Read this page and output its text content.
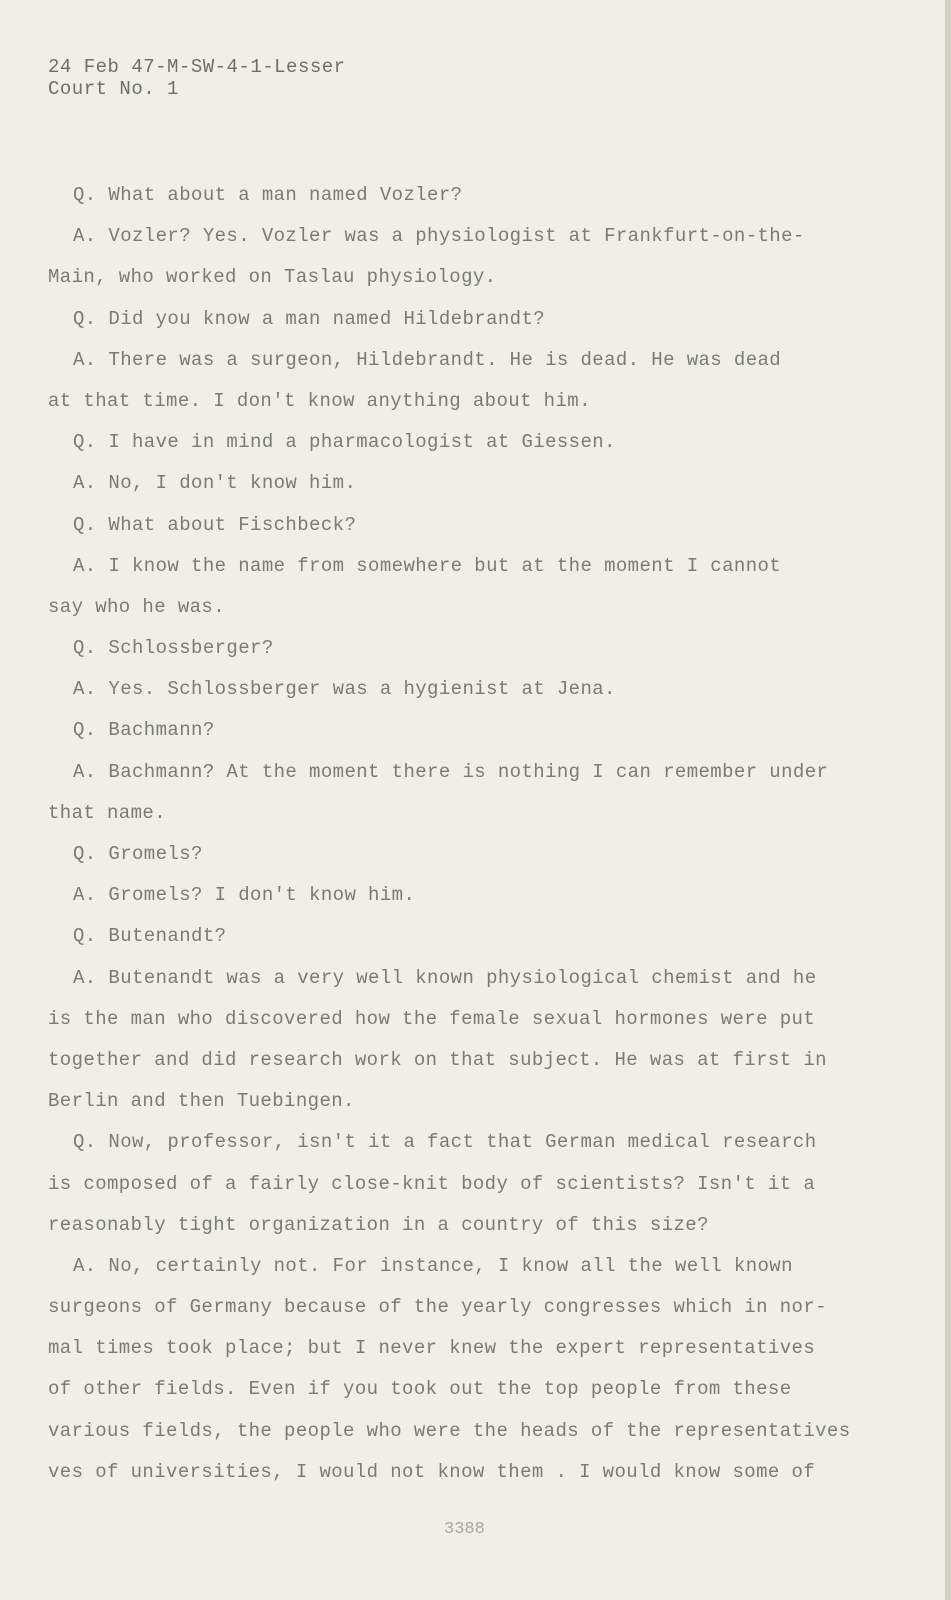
24 Feb 47-M-SW-4-1-Lesser
Court No. 1
Q. What about a man named Vozler?
A. Vozler? Yes. Vozler was a physiologist at Frankfurt-on-the-
Main, who worked on Taslau physiology.
Q. Did you know a man named Hildebrandt?
A. There was a surgeon, Hildebrandt. He is dead. He was dead
at that time. I don't know anything about him.
Q. I have in mind a pharmacologist at Giessen.
A. No, I don't know him.
Q. What about Fischbeck?
A. I know the name from somewhere but at the moment I cannot
say who he was.
Q. Schlossberger?
A. Yes. Schlossberger was a hygienist at Jena.
Q. Bachmann?
A. Bachmann? At the moment there is nothing I can remember under
that name.
Q. Gromels?
A. Gromels? I don't know him.
Q. Butenandt?
A. Butenandt was a very well known physiological chemist and he
is the man who discovered how the female sexual hormones were put
together and did research work on that subject. He was at first in
Berlin and then Tuebingen.
Q. Now, professor, isn't it a fact that German medical research
is composed of a fairly close-knit body of scientists? Isn't it a
reasonably tight organization in a country of this size?
A. No, certainly not. For instance, I know all the well known
surgeons of Germany because of the yearly congresses which in nor-
mal times took place; but I never knew the expert representatives
of other fields. Even if you took out the top people from these
various fields, the people who were the heads of the representatives
ves of universities, I would not know them . I would know some of
3388
